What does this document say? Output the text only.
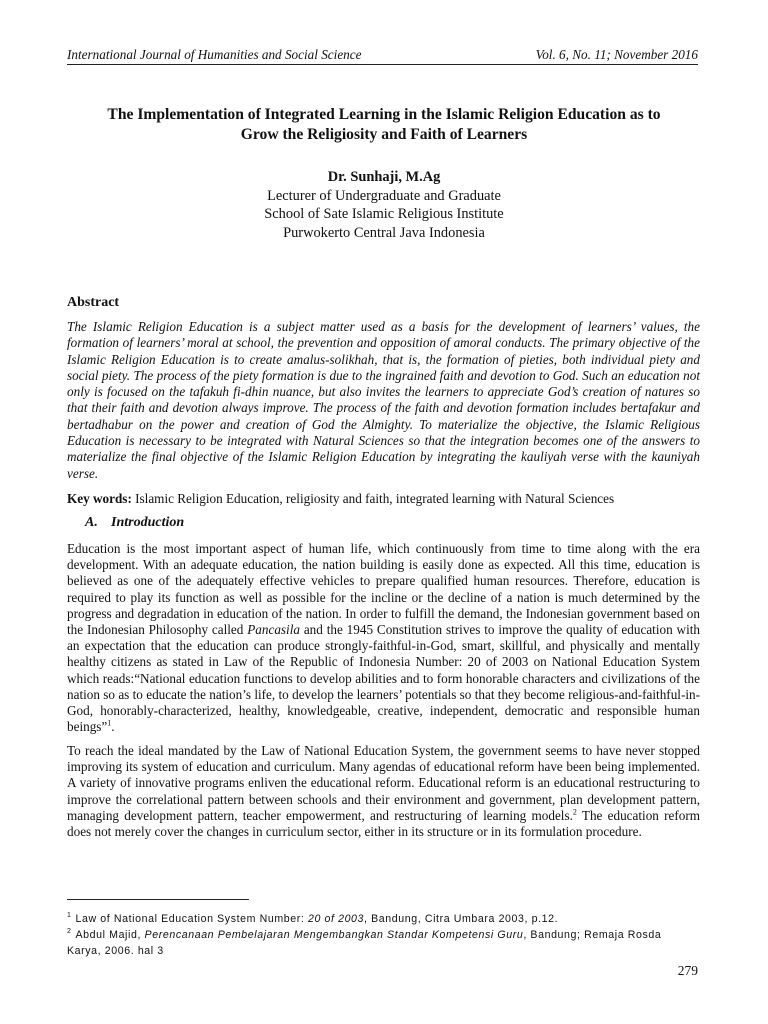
International Journal of Humanities and Social Science	Vol. 6, No. 11; November 2016
The Implementation of Integrated Learning in the Islamic Religion Education as to
Grow the Religiosity and Faith of Learners
Dr. Sunhaji, M.Ag
Lecturer of Undergraduate and Graduate
School of Sate Islamic Religious Institute
Purwokerto Central Java Indonesia
Abstract
The Islamic Religion Education is a subject matter used as a basis for the development of learners’ values, the formation of learners’ moral at school, the prevention and opposition of amoral conducts. The primary objective of the Islamic Religion Education is to create amalus-solikhah, that is, the formation of pieties, both individual piety and social piety. The process of the piety formation is due to the ingrained faith and devotion to God. Such an education not only is focused on the tafakuh fi-dhin nuance, but also invites the learners to appreciate God’s creation of natures so that their faith and devotion always improve. The process of the faith and devotion formation includes bertafakur and bertadhabur on the power and creation of God the Almighty. To materialize the objective, the Islamic Religious Education is necessary to be integrated with Natural Sciences so that the integration becomes one of the answers to materialize the final objective of the Islamic Religion Education by integrating the kauliyah verse with the kauniyah verse.
Key words: Islamic Religion Education, religiosity and faith, integrated learning with Natural Sciences
A. Introduction
Education is the most important aspect of human life, which continuously from time to time along with the era development. With an adequate education, the nation building is easily done as expected. All this time, education is believed as one of the adequately effective vehicles to prepare qualified human resources. Therefore, education is required to play its function as well as possible for the incline or the decline of a nation is much determined by the progress and degradation in education of the nation. In order to fulfill the demand, the Indonesian government based on the Indonesian Philosophy called Pancasila and the 1945 Constitution strives to improve the quality of education with an expectation that the education can produce strongly-faithful-in-God, smart, skillful, and physically and mentally healthy citizens as stated in Law of the Republic of Indonesia Number: 20 of 2003 on National Education System which reads:“National education functions to develop abilities and to form honorable characters and civilizations of the nation so as to educate the nation’s life, to develop the learners’ potentials so that they become religious-and-faithful-in-God, honorably-characterized, healthy, knowledgeable, creative, independent, democratic and responsible human beings”$^1$.
To reach the ideal mandated by the Law of National Education System, the government seems to have never stopped improving its system of education and curriculum. Many agendas of educational reform have been being implemented. A variety of innovative programs enliven the educational reform. Educational reform is an educational restructuring to improve the correlational pattern between schools and their environment and government, plan development pattern, managing development pattern, teacher empowerment, and restructuring of learning models.$^2$ The education reform does not merely cover the changes in curriculum sector, either in its structure or in its formulation procedure.

$^1$ Law of National Education System Number: 20 of 2003, Bandung, Citra Umbara 2003, p.12.

$^2$ Abdul Majid, Perencanaan Pembelajaran Mengembangkan Standar Kompetensi Guru, Bandung; Remaja Rosda Karya, 2006. hal 3

279
